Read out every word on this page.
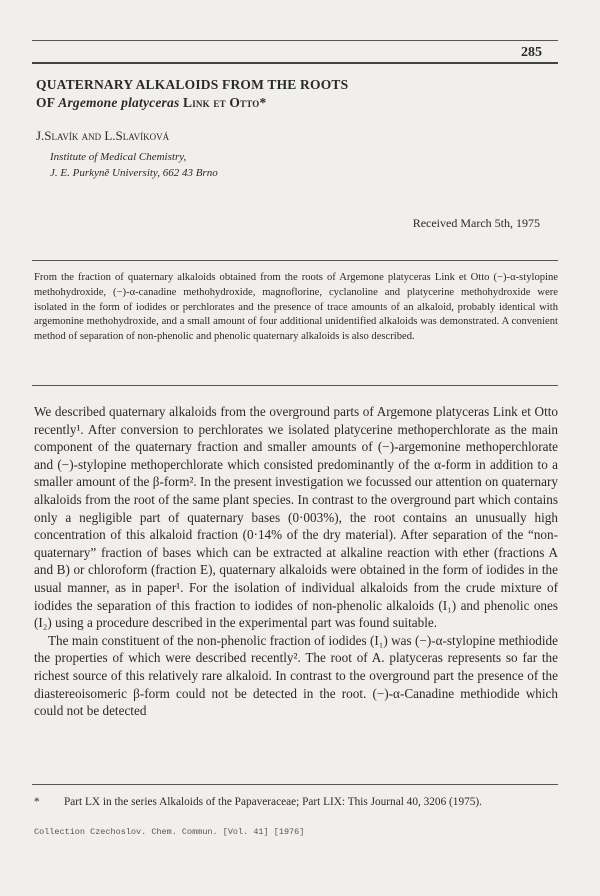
285
QUATERNARY ALKALOIDS FROM THE ROOTS
OF Argemone platyceras Link et Otto*
J.Slavík and L.Slavíková
Institute of Medical Chemistry,
J. E. Purkyně University, 662 43 Brno
Received March 5th, 1975

From the fraction of quaternary alkaloids obtained from the roots of Argemone platyceras Link et Otto (−)-α-stylopine methohydroxide, (−)-α-canadine methohydroxide, magnoflorine, cyclanoline and platycerine methohydroxide were isolated in the form of iodides or perchlorates and the presence of trace amounts of an alkaloid, probably identical with argemonine methohydroxide, and a small amount of four additional unidentified alkaloids was demonstrated. A convenient method of separation of non-phenolic and phenolic quaternary alkaloids is also described.

We described quaternary alkaloids from the overground parts of Argemone platyceras Link et Otto recently¹. After conversion to perchlorates we isolated platycerine methoperchlorate as the main component of the quaternary fraction and smaller amounts of (−)-argemonine methoperchlorate and (−)-stylopine methoperchlorate which consisted predominantly of the α-form in addition to a smaller amount of the β-form². In the present investigation we focussed our attention on quaternary alkaloids from the root of the same plant species. In contrast to the overground part which contains only a negligible part of quaternary bases (0·003%), the root contains an unusually high concentration of this alkaloid fraction (0·14% of the dry material). After separation of the “non-quaternary” fraction of bases which can be extracted at alkaline reaction with ether (fractions A and B) or chloroform (fraction E), quaternary alkaloids were obtained in the form of iodides in the usual manner, as in paper¹. For the isolation of individual alkaloids from the crude mixture of iodides the separation of this fraction to iodides of non-phenolic alkaloids (I₁) and phenolic ones (I₂) using a procedure described in the experimental part was found suitable.

The main constituent of the non-phenolic fraction of iodides (I₁) was (−)-α-stylopine methiodide the properties of which were described recently². The root of A. platyceras represents so far the richest source of this relatively rare alkaloid. In contrast to the overground part the presence of the diastereoisomeric β-form could not be detected in the root. (−)-α-Canadine methiodide which could not be detected

* Part LX in the series Alkaloids of the Papaveraceae; Part LIX: This Journal 40, 3206 (1975).
Collection Czechoslov. Chem. Commun. [Vol. 41] [1976]
